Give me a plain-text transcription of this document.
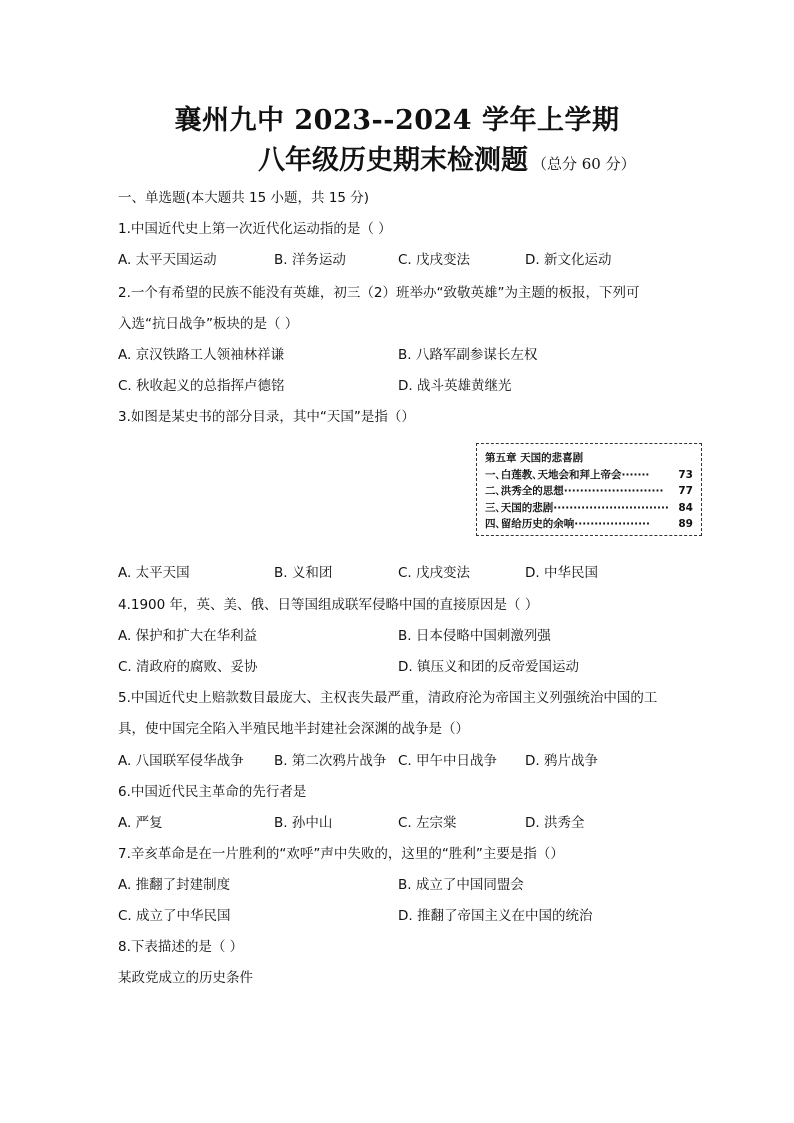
襄州九中 2023--2024 学年上学期
八年级历史期末检测题 （总分 60 分）
一、单选题(本大题共 15 小题，共 15 分)
1.中国近代史上第一次近代化运动指的是（ ）
A. 太平天国运动	B. 洋务运动	C. 戊戌变法	D. 新文化运动
2.一个有希望的民族不能没有英雄，初三（2）班举办“致敬英雄”为主题的板报，下列可
入选“抗日战争”板块的是（ ）
A. 京汉铁路工人领袖林祥谦	B. 八路军副参谋长左权
C. 秋收起义的总指挥卢德铭	D. 战斗英雄黄继光
3.如图是某史书的部分目录，其中“天国”是指（）
第五章 天国的悲喜剧
一､白莲教､天地会和拜上帝会·······	73
二､洪秀全的思想························· 77
三､天国的悲剧····························· 84
四､留给历史的余响···················	89
A. 太平天国	B. 义和团	C. 戊戌变法	D. 中华民国
4.1900 年，英、美、俄、日等国组成联军侵略中国的直接原因是（ ）
A. 保护和扩大在华利益	B. 日本侵略中国刺激列强
C. 清政府的腐败、妥协	D. 镇压义和团的反帝爱国运动
5.中国近代史上赔款数目最庞大、主权丧失最严重，清政府沦为帝国主义列强统治中国的工
具，使中国完全陷入半殖民地半封建社会深渊的战争是（）
A. 八国联军侵华战争 B. 第二次鸦片战争 C. 甲午中日战争 D. 鸦片战争
6.中国近代民主革命的先行者是
A. 严复	B. 孙中山	C. 左宗棠	D. 洪秀全
7.辛亥革命是在一片胜利的“欢呼”声中失败的，这里的“胜利”主要是指（）
A. 推翻了封建制度	B. 成立了中国同盟会
C. 成立了中华民国	D. 推翻了帝国主义在中国的统治
8.下表描述的是（ ）
某政党成立的历史条件
